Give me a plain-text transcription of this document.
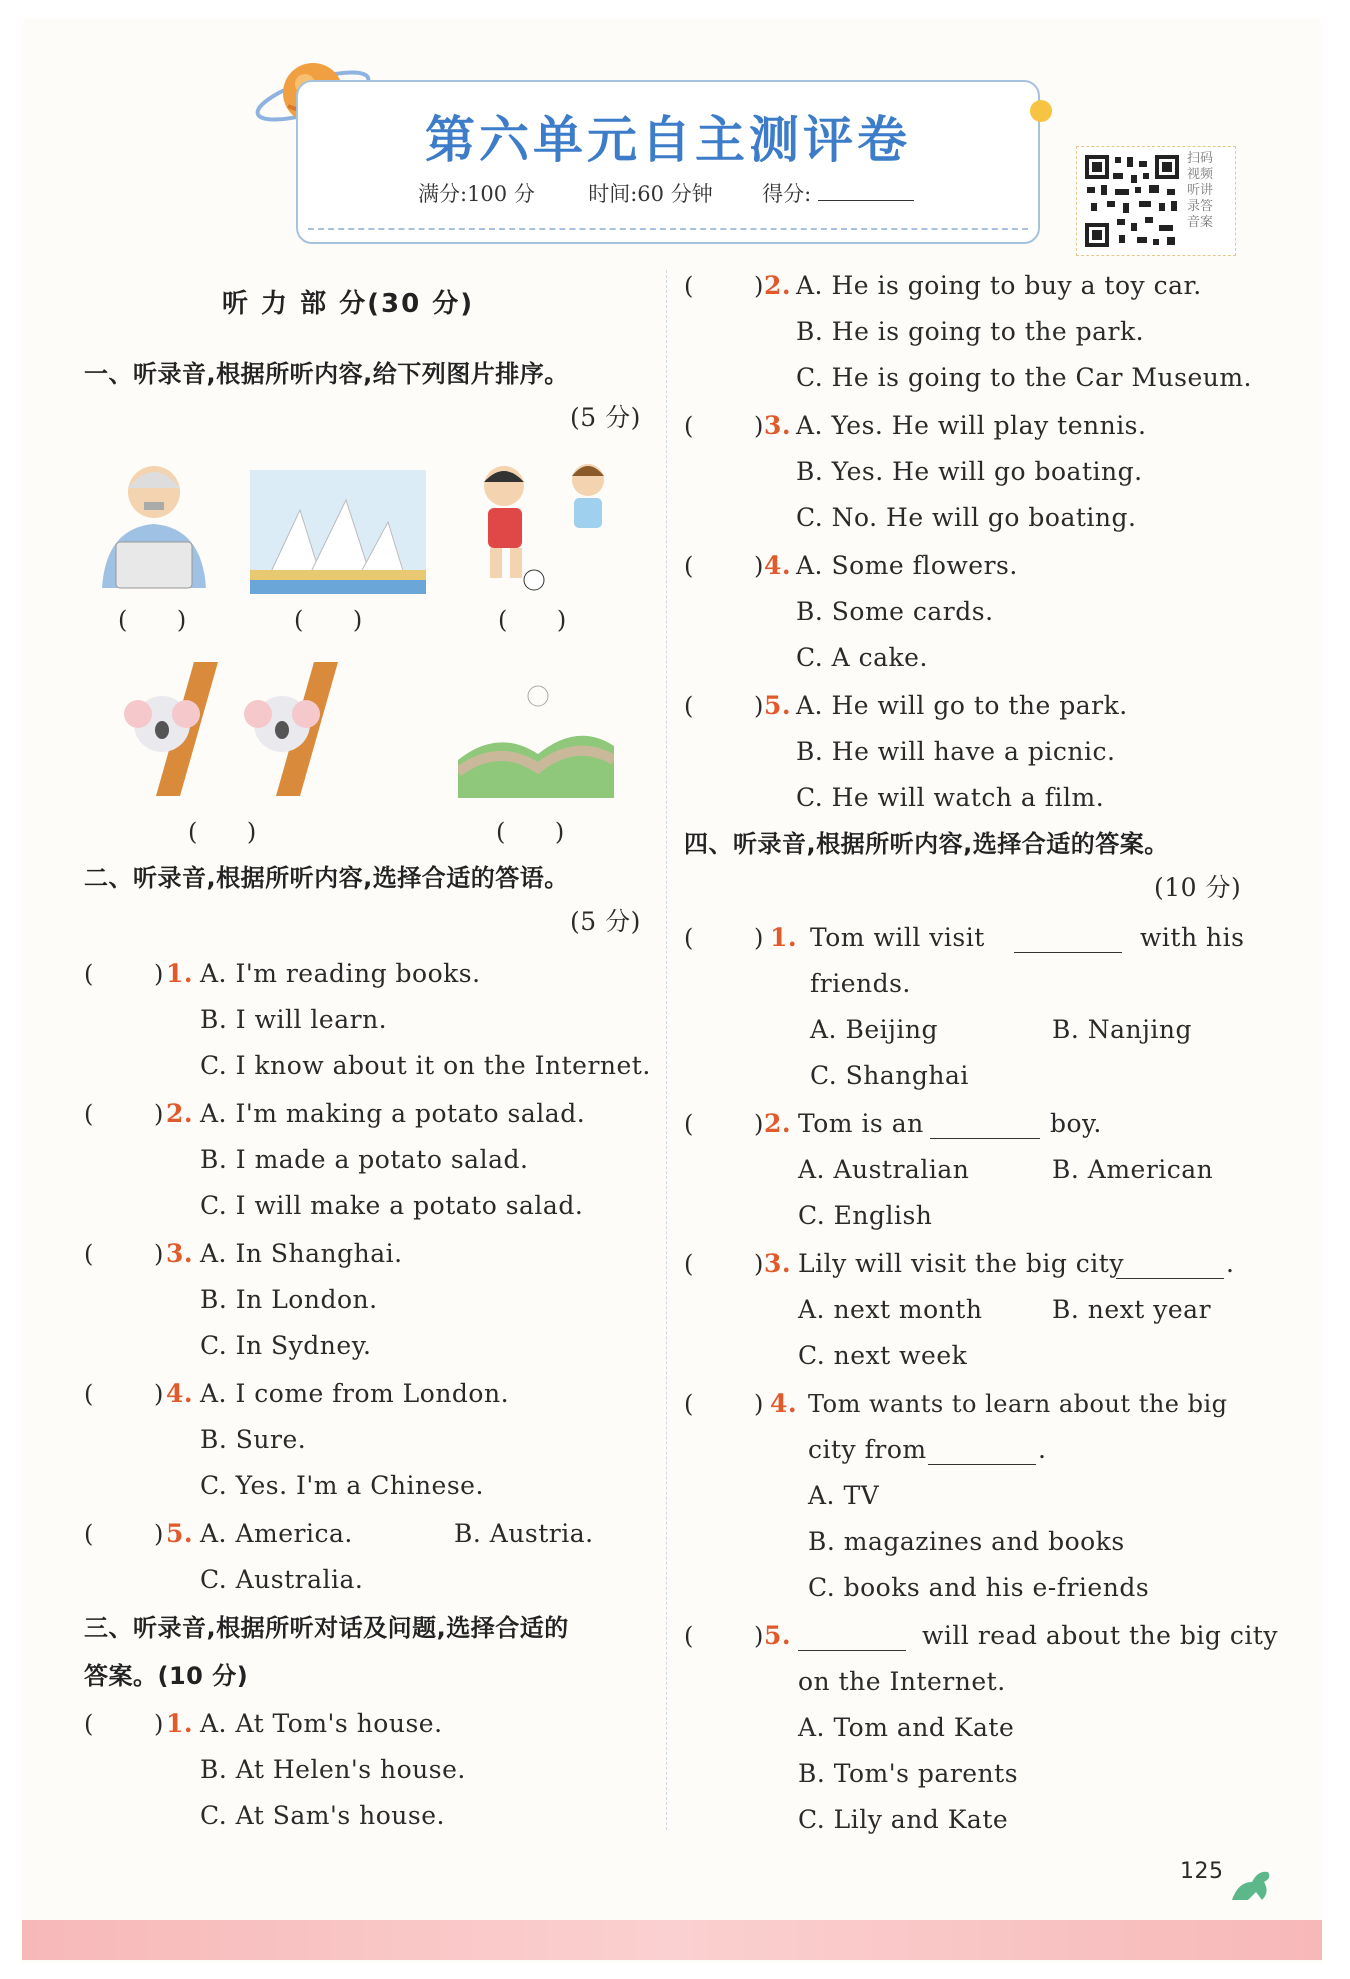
第六单元自主测评卷
满分:100 分	时间:60 分钟 得分:
扫码 视频 听讲 录答 音案
听 力 部 分(30 分)
一、听录音,根据所听内容,给下列图片排序。
(5 分)
(　　)	(　　)	(　　)
(　　)	(　　)
二、听录音,根据所听内容,选择合适的答语。
(5 分)
(	) 1. A. I'm reading books.
B. I will learn.
C. I know about it on the Internet.
(	) 2. A. I'm making a potato salad.
B. I made a potato salad.
C. I will make a potato salad.
(	) 3. A. In Shanghai.
B. In London.
C. In Sydney.
(	) 4. A. I come from London.
B. Sure.
C. Yes. I'm a Chinese.
(	) 5. A. America.	B. Austria.
C. Australia.
三、听录音,根据所听对话及问题,选择合适的
答案。(10 分)
(	) 1. A. At Tom's house.
B. At Helen's house.
C. At Sam's house.
(	) 2. A. He is going to buy a toy car.
B. He is going to the park.
C. He is going to the Car Museum.
(	) 3. A. Yes. He will play tennis.
B. Yes. He will go boating.
C. No. He will go boating.
(	) 4. A. Some flowers.
B. Some cards.
C. A cake.
(	) 5. A. He will go to the park.
B. He will have a picnic.
C. He will watch a film.
四、听录音,根据所听内容,选择合适的答案。
(10 分)
(	) 1. Tom will visit	with his
friends.
A. Beijing	B. Nanjing
C. Shanghai
(	) 2. Tom is an	boy.
A. Australian	B. American
C. English
(	) 3. Lily will visit the big city	.
A. next month	B. next year
C. next week
(	) 4. Tom wants to learn about the big
city from	.
A. TV
B. magazines and books
C. books and his e-friends
(	) 5.	will read about the big city
on the Internet.
A. Tom and Kate
B. Tom's parents
C. Lily and Kate
125
